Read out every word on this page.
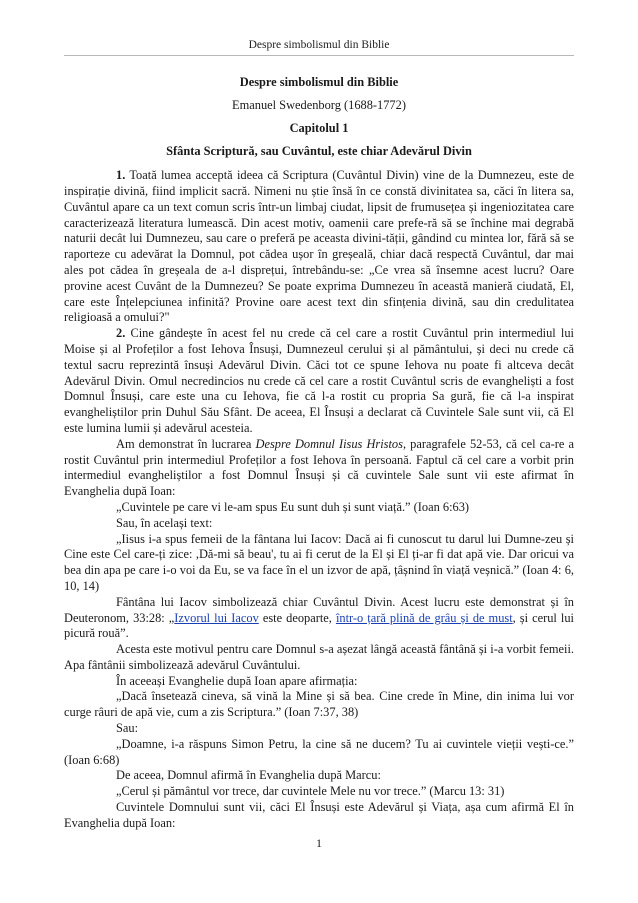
Despre simbolismul din Biblie
Despre simbolismul din Biblie
Emanuel Swedenborg (1688-1772)
Capitolul 1
Sfânta Scriptură, sau Cuvântul, este chiar Adevărul Divin

1. Toată lumea acceptă ideea că Scriptura (Cuvântul Divin) vine de la Dumnezeu, este de inspirație divină, fiind implicit sacră. Nimeni nu știe însă în ce constă divinitatea sa, căci în litera sa, Cuvântul apare ca un text comun scris într-un limbaj ciudat, lipsit de frumusețea și ingeniozitatea care caracterizează literatura lumească. Din acest motiv, oamenii care prefe-ră să se închine mai degrabă naturii decât lui Dumnezeu, sau care o preferă pe aceasta divini-tății, gândind cu mintea lor, fără să se raporteze cu adevărat la Domnul, pot cădea ușor în greșeală, chiar dacă respectă Cuvântul, dar mai ales pot cădea în greșeala de a-l disprețui, întrebându-se: „Ce vrea să însemne acest lucru? Oare provine acest Cuvânt de la Dumnezeu? Se poate exprima Dumnezeu în această manieră ciudată, El, care este Înțelepciunea infinită? Provine oare acest text din sfințenia divină, sau din credulitatea religioasă a omului?"

2. Cine gândește în acest fel nu crede că cel care a rostit Cuvântul prin intermediul lui Moise și al Profeților a fost Iehova Însuși, Dumnezeul cerului și al pământului, și deci nu crede că textul sacru reprezintă însuși Adevărul Divin. Căci tot ce spune Iehova nu poate fi altceva decât Adevărul Divin. Omul necredincios nu crede că cel care a rostit Cuvântul scris de evangheliști a fost Domnul Însuși, care este una cu Iehova, fie că l-a rostit cu propria Sa gură, fie că l-a inspirat evangheliștilor prin Duhul Său Sfânt. De aceea, El Însuși a declarat că Cuvintele Sale sunt vii, că El este lumina lumii și adevărul acesteia.

Am demonstrat în lucrarea Despre Domnul Iisus Hristos, paragrafele 52-53, că cel ca-re a rostit Cuvântul prin intermediul Profeților a fost Iehova în persoană. Faptul că cel care a vorbit prin intermediul evangheliștilor a fost Domnul Însuși și că cuvintele Sale sunt vii este afirmat în Evanghelia după Ioan:

„Cuvintele pe care vi le-am spus Eu sunt duh și sunt viață.” (Ioan 6:63)

Sau, în același text:

„Iisus i-a spus femeii de la fântana lui Iacov: Dacă ai fi cunoscut tu darul lui Dumne-zeu și Cine este Cel care-ți zice: ,Dă-mi să beau', tu ai fi cerut de la El și El ți-ar fi dat apă vie. Dar oricui va bea din apa pe care i-o voi da Eu, se va face în el un izvor de apă, țâșnind în viață veșnică.” (Ioan 4: 6, 10, 14)

Fântâna lui Iacov simbolizează chiar Cuvântul Divin. Acest lucru este demonstrat și în Deuteronom, 33:28: „Izvorul lui Iacov este deoparte, într-o țară plină de grâu și de must, și cerul lui picură rouă”.

Acesta este motivul pentru care Domnul s-a așezat lângă această fântână și i-a vorbit femeii. Apa fântânii simbolizează adevărul Cuvântului.

În aceeași Evanghelie după Ioan apare afirmația:

„Dacă însetează cineva, să vină la Mine și să bea. Cine crede în Mine, din inima lui vor curge râuri de apă vie, cum a zis Scriptura.” (Ioan 7:37, 38)

Sau:

„Doamne, i-a răspuns Simon Petru, la cine să ne ducem? Tu ai cuvintele vieții vești-ce.” (Ioan 6:68)

De aceea, Domnul afirmă în Evanghelia după Marcu:

„Cerul și pământul vor trece, dar cuvintele Mele nu vor trece.” (Marcu 13: 31)

Cuvintele Domnului sunt vii, căci El Însuși este Adevărul și Viața, așa cum afirmă El în Evanghelia după Ioan:

1
